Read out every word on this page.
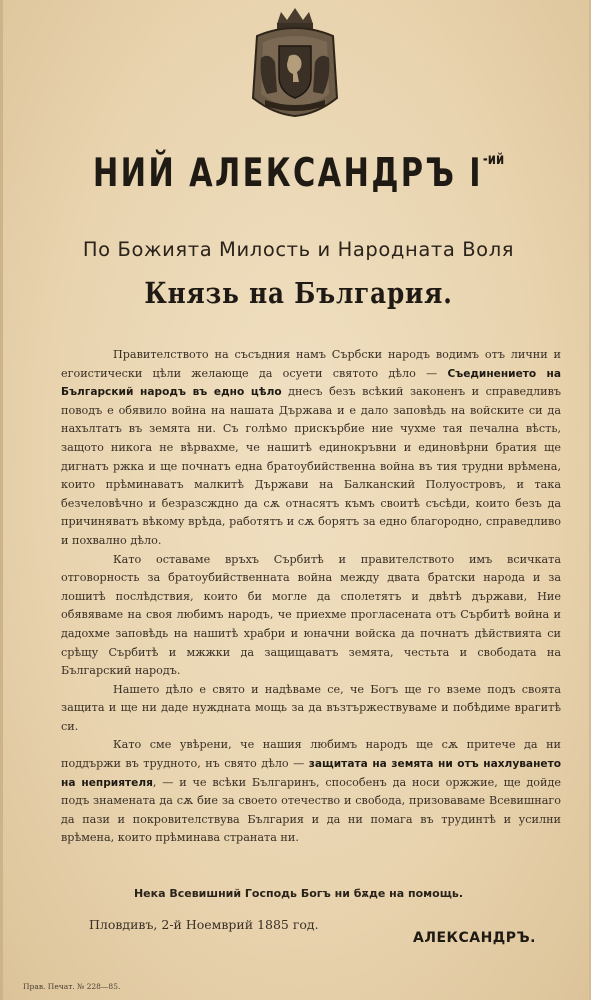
НИЙ АЛЕКСАНДРЪ $I^{-ий}$
По Божията Милость и Народната Воля
Князь на България.

Правителството на съсъдния намъ Сърбски народъ водимъ отъ лични и егоистически цѣли желающе да осуети святото дѣло — Съединението на Българский народъ въ едно цѣло днесъ безъ всѣкий законенъ и справедливъ поводъ е обявило война на нашата Държава и е дало заповѣдь на войските си да нахълтатъ въ земята ни. Съ голѣмо прискърбие ние чухме тая печална вѣсть, защото никога не вѣрвахме, че нашитѣ единокръвни и единовѣрни братия ще дигнатъ ржка и ще почнатъ една братоубийственна война въ тия трудни врѣмена, които прѣминаватъ малкитѣ Държави на Балканский Полуостровъ, и така безчеловѣчно и безразсждно да сѫ отнасятъ къмъ своитѣ съсѣди, които безъ да причиняватъ вѣкому врѣда, работятъ и сѫ борятъ за едно благородно, справедливо и похвално дѣло.

Като оставаме връхъ Сърбитѣ и правителството имъ всичката отговорность за братоубийственната война между двата братски народа и за лошитѣ послѣдствия, които би могле да сполетятъ и двѣтѣ държави, Ние обявяваме на своя любимъ народъ, че приехме прогласената отъ Сърбитѣ война и дадохме заповѣдь на нашитѣ храбри и юначни войска да почнатъ дѣйствията си срѣщу Сърбитѣ и мжжки да защищаватъ земята, честьта и свободата на Българский народъ.

Нашето дѣло е свято и надѣваме се, че Богъ ще го вземе подъ своята защита и ще ни даде нуждната мощь за да възтържествуваме и побѣдиме врагитѣ си.

Като сме увѣрени, че нашия любимъ народъ ще сѫ притече да ни поддържи въ трудното, нъ свято дѣло — защитата на земята ни отъ нахлуването на неприятеля, — и че всѣки Българинъ, способенъ да носи оржжие, ще дойде подъ знамената да сѫ бие за своето отечество и свобода, призоваваме Всевишнаго да пази и покровителствува България и да ни помага въ трудинтѣ и усилни врѣмена, които прѣминава страната ни.

Нека Всевишний Господь Богъ ни бѫде на помощь.
Пловдивъ, 2-й Ноемврий 1885 год.
АЛЕКСАНДРЪ.
Прав. Печат. № 228—85.
